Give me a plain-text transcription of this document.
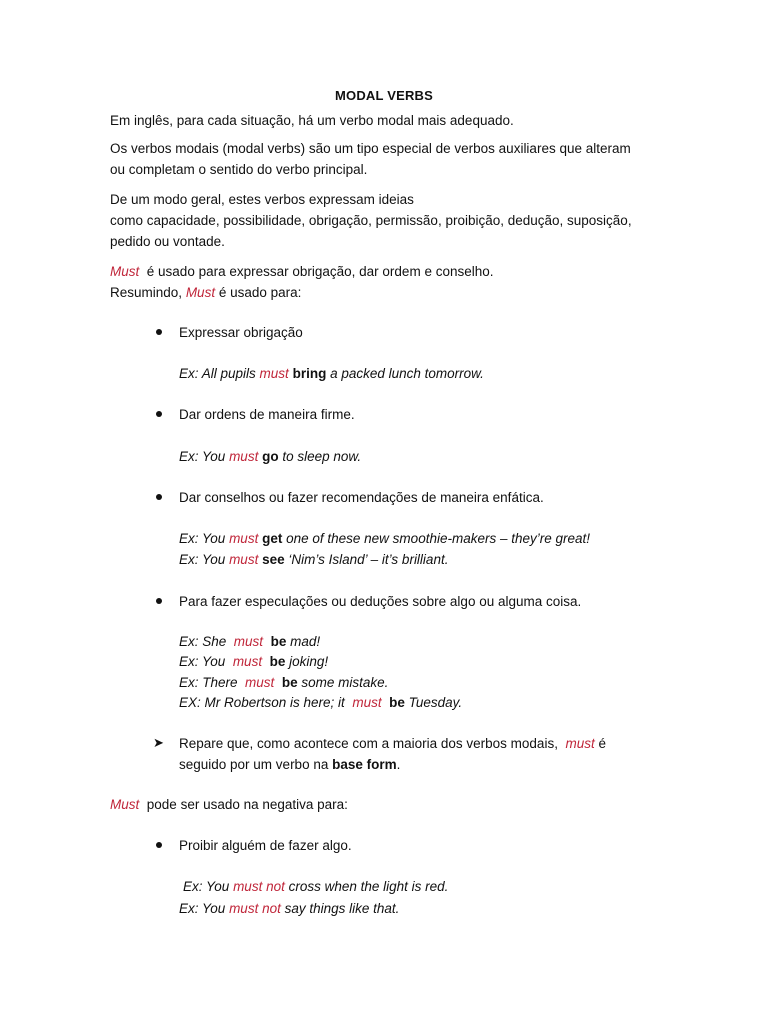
MODAL VERBS
Em inglês, para cada situação, há um verbo modal mais adequado.
Os verbos modais (modal verbs) são um tipo especial de verbos auxiliares que alteram
ou completam o sentido do verbo principal.
De um modo geral, estes verbos expressam ideias
como capacidade, possibilidade, obrigação, permissão, proibição, dedução, suposição,
pedido ou vontade.
Must é usado para expressar obrigação, dar ordem e conselho.
Resumindo, Must é usado para:
Expressar obrigação
Ex: All pupils must bring a packed lunch tomorrow.
Dar ordens de maneira firme.
Ex: You must go to sleep now.
Dar conselhos ou fazer recomendações de maneira enfática.
Ex: You must get one of these new smoothie-makers – they’re great!
Ex: You must see ‘Nim’s Island’ – it’s brilliant.
Para fazer especulações ou deduções sobre algo ou alguma coisa.
Ex: She must be mad!
Ex: You must be joking!
Ex: There must be some mistake.
EX: Mr Robertson is here; it must be Tuesday.
➤ Repare que, como acontece com a maioria dos verbos modais, must é
seguido por um verbo na base form.
Must pode ser usado na negativa para:
Proibir alguém de fazer algo.
Ex: You must not cross when the light is red.
Ex: You must not say things like that.
